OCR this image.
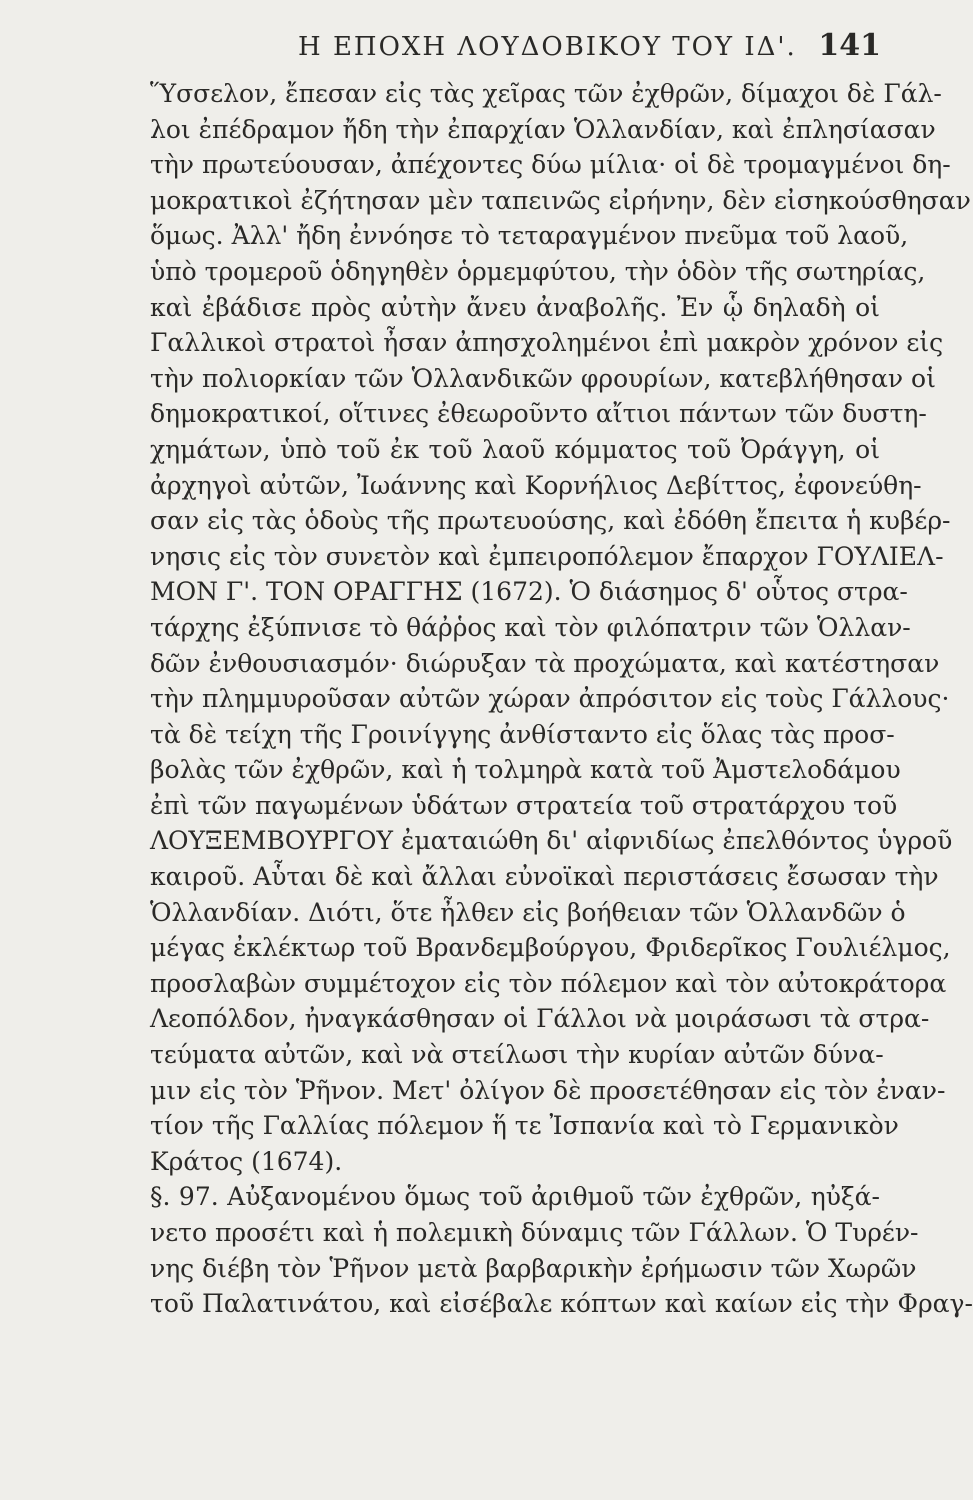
Η ΕΠΟΧΗ ΛΟΥΔΟΒΙΚΟΥ ΤΟΥ ΙΔ'. 141
Ὕσσελον, ἔπεσαν εἰς τὰς χεῖρας τῶν ἐχθρῶν, δίμαχοι δὲ Γάλ-
λοι ἐπέδραμον ἤδη τὴν ἐπαρχίαν Ὁλλανδίαν, καὶ ἐπλησίασαν
τὴν πρωτεύουσαν, ἀπέχοντες δύω μίλια· οἱ δὲ τρομαγμένοι δη-
μοκρατικοὶ ἐζήτησαν μὲν ταπεινῶς εἰρήνην, δὲν εἰσηκούσθησαν
ὅμως. Ἀλλ' ἤδη ἐννόησε τὸ τεταραγμένον πνεῦμα τοῦ λαοῦ,
ὑπὸ τρομεροῦ ὁδηγηθὲν ὁρμεμφύτου, τὴν ὁδὸν τῆς σωτηρίας,
καὶ ἐβάδισε πρὸς αὐτὴν ἄνευ ἀναβολῆς. Ἐν ᾧ δηλαδὴ οἱ
Γαλλικοὶ στρατοὶ ἦσαν ἀπησχολημένοι ἐπὶ μακρὸν χρόνον εἰς
τὴν πολιορκίαν τῶν Ὁλλανδικῶν φρουρίων, κατεβλήθησαν οἱ
δημοκρατικοί, οἵτινες ἐθεωροῦντο αἴτιοι πάντων τῶν δυστη-
χημάτων, ὑπὸ τοῦ ἐκ τοῦ λαοῦ κόμματος τοῦ Ὀράγγη, οἱ
ἀρχηγοὶ αὐτῶν, Ἰωάννης καὶ Κορνήλιος Δεβίττος, ἐφονεύθη-
σαν εἰς τὰς ὁδοὺς τῆς πρωτευούσης, καὶ ἐδόθη ἔπειτα ἡ κυβέρ-
νησις εἰς τὸν συνετὸν καὶ ἐμπειροπόλεμον ἔπαρχον ΓΟΥΛΙΕΛ-
ΜΟΝ Γ'. ΤΟΝ ΟΡΑΓΓΗΣ (1672). Ὁ διάσημος δ' οὗτος στρα-
τάρχης ἐξύπνισε τὸ θάῤῥος καὶ τὸν φιλόπατριν τῶν Ὁλλαν-
δῶν ἐνθουσιασμόν· διώρυξαν τὰ προχώματα, καὶ κατέστησαν
τὴν πλημμυροῦσαν αὐτῶν χώραν ἀπρόσιτον εἰς τοὺς Γάλλους·
τὰ δὲ τείχη τῆς Γροινίγγης ἀνθίσταντο εἰς ὅλας τὰς προσ-
βολὰς τῶν ἐχθρῶν, καὶ ἡ τολμηρὰ κατὰ τοῦ Ἀμστελοδάμου
ἐπὶ τῶν παγωμένων ὑδάτων στρατεία τοῦ στρατάρχου τοῦ
ΛΟΥΞΕΜΒΟΥΡΓΟΥ ἐματαιώθη δι' αἰφνιδίως ἐπελθόντος ὑγροῦ
καιροῦ. Αὗται δὲ καὶ ἄλλαι εὐνοϊκαὶ περιστάσεις ἔσωσαν τὴν
Ὁλλανδίαν. Διότι, ὅτε ἦλθεν εἰς βοήθειαν τῶν Ὁλλανδῶν ὁ
μέγας ἐκλέκτωρ τοῦ Βρανδεμβούργου, Φριδερῖκος Γουλιέλμος,
προσλαβὼν συμμέτοχον εἰς τὸν πόλεμον καὶ τὸν αὐτοκράτορα
Λεοπόλδον, ἠναγκάσθησαν οἱ Γάλλοι νὰ μοιράσωσι τὰ στρα-
τεύματα αὐτῶν, καὶ νὰ στείλωσι τὴν κυρίαν αὐτῶν δύνα-
μιν εἰς τὸν Ῥῆνον. Μετ' ὀλίγον δὲ προσετέθησαν εἰς τὸν ἐναν-
τίον τῆς Γαλλίας πόλεμον ἥ τε Ἰσπανία καὶ τὸ Γερμανικὸν
Κράτος (1674).
§. 97. Αὐξανομένου ὅμως τοῦ ἀριθμοῦ τῶν ἐχθρῶν, ηὐξά-
νετο προσέτι καὶ ἡ πολεμικὴ δύναμις τῶν Γάλλων. Ὁ Τυρέν-
νης διέβη τὸν Ῥῆνον μετὰ βαρβαρικὴν ἐρήμωσιν τῶν Χωρῶν
τοῦ Παλατινάτου, καὶ εἰσέβαλε κόπτων καὶ καίων εἰς τὴν Φραγ-
